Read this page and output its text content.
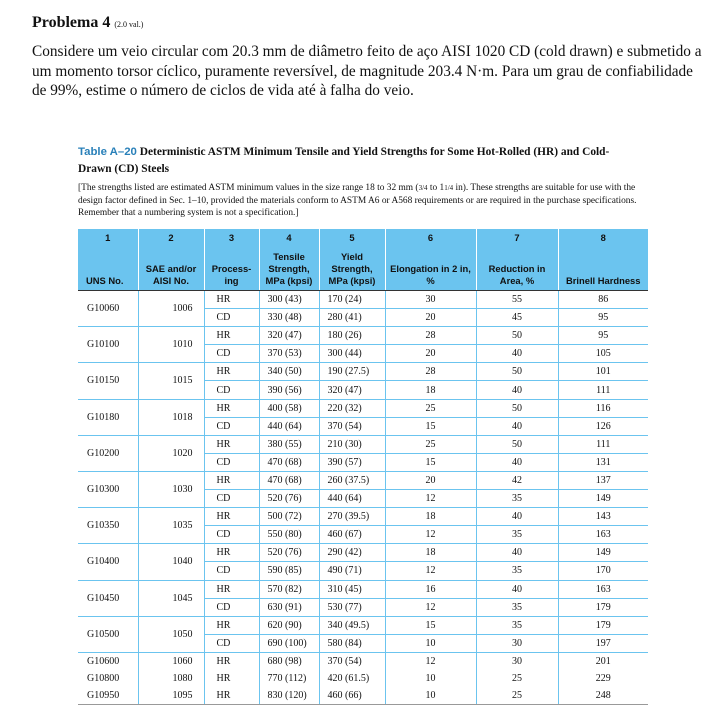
Problema 4 (2.0 val.)
Considere um veio circular com 20.3 mm de diâmetro feito de aço AISI 1020 CD (cold drawn) e submetido a um momento torsor cíclico, puramente reversível, de magnitude 203.4 N·m. Para um grau de confiabilidade de 99%, estime o número de ciclos de vida até à falha do veio.
Table A–20 Deterministic ASTM Minimum Tensile and Yield Strengths for Some Hot-Rolled (HR) and Cold-Drawn (CD) Steels
[The strengths listed are estimated ASTM minimum values in the size range 18 to 32 mm (3/4 to 11/4 in). These strengths are suitable for use with the design factor defined in Sec. 1–10, provided the materials conform to ASTM A6 or A568 requirements or are required in the purchase specifications. Remember that a numbering system is not a specification.]
1	2	3	4	5	6	7	8
UNS No.	SAE and/or AISI No.	Process-ing	Tensile Strength, MPa (kpsi)	Yield Strength, MPa (kpsi)	Elongation in 2 in, %	Reduction in Area, %	Brinell Hardness
G10060	1006	HR	300 (43)	170 (24)	30	55	86
		CD	330 (48)	280 (41)	20	45	95
G10100	1010	HR	320 (47)	180 (26)	28	50	95
		CD	370 (53)	300 (44)	20	40	105
G10150	1015	HR	340 (50)	190 (27.5)	28	50	101
		CD	390 (56)	320 (47)	18	40	111
G10180	1018	HR	400 (58)	220 (32)	25	50	116
		CD	440 (64)	370 (54)	15	40	126
G10200	1020	HR	380 (55)	210 (30)	25	50	111
		CD	470 (68)	390 (57)	15	40	131
G10300	1030	HR	470 (68)	260 (37.5)	20	42	137
		CD	520 (76)	440 (64)	12	35	149
G10350	1035	HR	500 (72)	270 (39.5)	18	40	143
		CD	550 (80)	460 (67)	12	35	163
G10400	1040	HR	520 (76)	290 (42)	18	40	149
		CD	590 (85)	490 (71)	12	35	170
G10450	1045	HR	570 (82)	310 (45)	16	40	163
		CD	630 (91)	530 (77)	12	35	179
G10500	1050	HR	620 (90)	340 (49.5)	15	35	179
		CD	690 (100)	580 (84)	10	30	197
G10600	1060	HR	680 (98)	370 (54)	12	30	201
G10800	1080	HR	770 (112)	420 (61.5)	10	25	229
G10950	1095	HR	830 (120)	460 (66)	10	25	248
